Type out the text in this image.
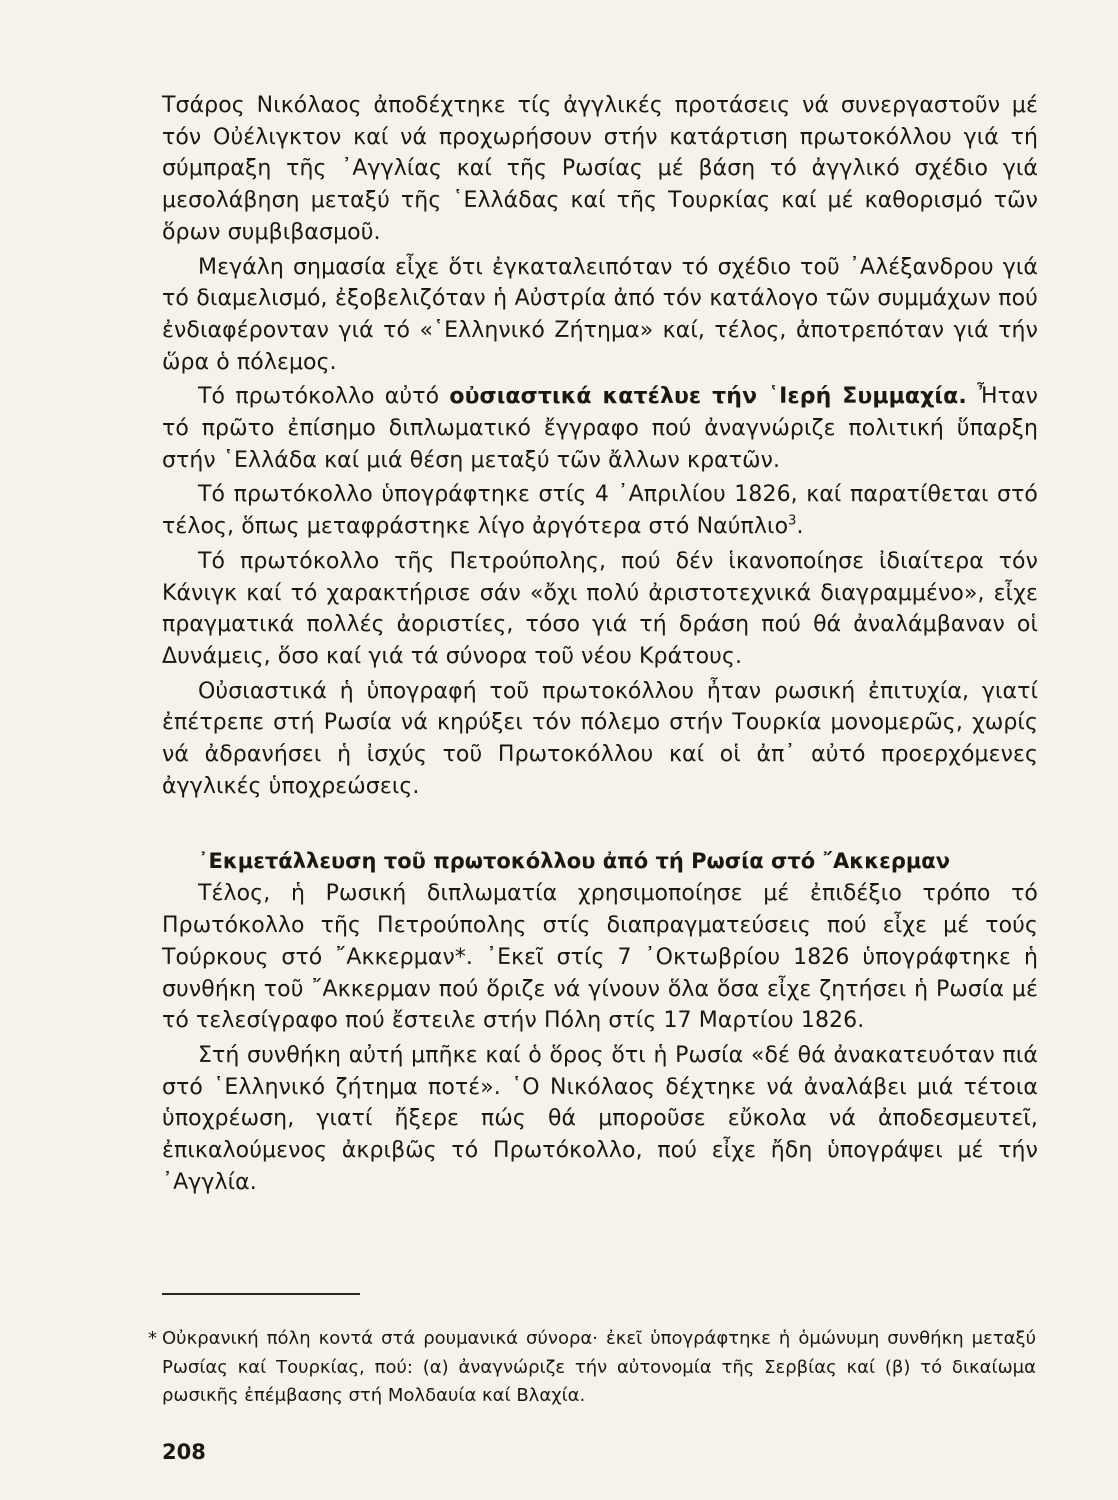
Τσάρος Νικόλαος ἀποδέχτηκε τίς ἀγγλικές προτάσεις νά συνεργαστοῦν μέ τόν Οὐέλιγκτον καί νά προχωρήσουν στήν κατάρτιση πρωτοκόλλου γιά τή σύμπραξη τῆς ᾿Αγγλίας καί τῆς Ρωσίας μέ βάση τό ἀγγλικό σχέδιο γιά μεσολάβηση μεταξύ τῆς ῾Ελλάδας καί τῆς Τουρκίας καί μέ καθορισμό τῶν ὅρων συμβιβασμοῦ.

Μεγάλη σημασία εἶχε ὅτι ἐγκαταλειπόταν τό σχέδιο τοῦ ᾿Αλέξανδρου γιά τό διαμελισμό, ἐξοβελιζόταν ἡ Αὐστρία ἀπό τόν κατάλογο τῶν συμμάχων πού ἐνδιαφέρονταν γιά τό «῾Ελληνικό Ζήτημα» καί, τέλος, ἀποτρεπόταν γιά τήν ὥρα ὁ πόλεμος.

Τό πρωτόκολλο αὐτό οὐσιαστικά κατέλυε τήν ῾Ιερή Συμμαχία. Ἦταν τό πρῶτο ἐπίσημο διπλωματικό ἔγγραφο πού ἀναγνώριζε πολιτική ὕπαρξη στήν ῾Ελλάδα καί μιά θέση μεταξύ τῶν ἄλλων κρατῶν.

Τό πρωτόκολλο ὑπογράφτηκε στίς 4 ᾿Απριλίου 1826, καί παρατίθεται στό τέλος, ὅπως μεταφράστηκε λίγο ἀργότερα στό Ναύπλιο$^3$.

Τό πρωτόκολλο τῆς Πετρούπολης, πού δέν ἱκανοποίησε ἰδιαίτερα τόν Κάνιγκ καί τό χαρακτήρισε σάν «ὄχι πολύ ἀριστοτεχνικά διαγραμμένο», εἶχε πραγματικά πολλές ἀοριστίες, τόσο γιά τή δράση πού θά ἀναλάμβαναν οἱ Δυνάμεις, ὅσο καί γιά τά σύνορα τοῦ νέου Κράτους.

Οὐσιαστικά ἡ ὑπογραφή τοῦ πρωτοκόλλου ἦταν ρωσική ἐπιτυχία, γιατί ἐπέτρεπε στή Ρωσία νά κηρύξει τόν πόλεμο στήν Τουρκία μονομερῶς, χωρίς νά ἀδρανήσει ἡ ἰσχύς τοῦ Πρωτοκόλλου καί οἱ ἀπ᾿ αὐτό προερχόμενες ἀγγλικές ὑποχρεώσεις.

᾿Εκμετάλλευση τοῦ πρωτοκόλλου ἀπό τή Ρωσία στό ῎Ακκερμαν

Τέλος, ἡ Ρωσική διπλωματία χρησιμοποίησε μέ ἐπιδέξιο τρόπο τό Πρωτόκολλο τῆς Πετρούπολης στίς διαπραγματεύσεις πού εἶχε μέ τούς Τούρκους στό ῎Ακκερμαν*. ᾿Εκεῖ στίς 7 ᾿Οκτωβρίου 1826 ὑπογράφτηκε ἡ συνθήκη τοῦ ῎Ακκερμαν πού ὅριζε νά γίνουν ὅλα ὅσα εἶχε ζητήσει ἡ Ρωσία μέ τό τελεσίγραφο πού ἔστειλε στήν Πόλη στίς 17 Μαρτίου 1826.

Στή συνθήκη αὐτή μπῆκε καί ὁ ὅρος ὅτι ἡ Ρωσία «δέ θά ἀνακατευόταν πιά στό ῾Ελληνικό ζήτημα ποτέ». ῾Ο Νικόλαος δέχτηκε νά ἀναλάβει μιά τέτοια ὑποχρέωση, γιατί ἤξερε πώς θά μποροῦσε εὔκολα νά ἀποδεσμευτεῖ, ἐπικαλούμενος ἀκριβῶς τό Πρωτόκολλο, πού εἶχε ἤδη ὑπογράψει μέ τήν ᾿Αγγλία.

* Οὐκρανική πόλη κοντά στά ρουμανικά σύνορα· ἐκεῖ ὑπογράφτηκε ἡ ὁμώνυμη συνθήκη μεταξύ Ρωσίας καί Τουρκίας, πού: (α) ἀναγνώριζε τήν αὐτονομία τῆς Σερβίας καί (β) τό δικαίωμα ρωσικῆς ἐπέμβασης στή Μολδαυία καί Βλαχία.

208
